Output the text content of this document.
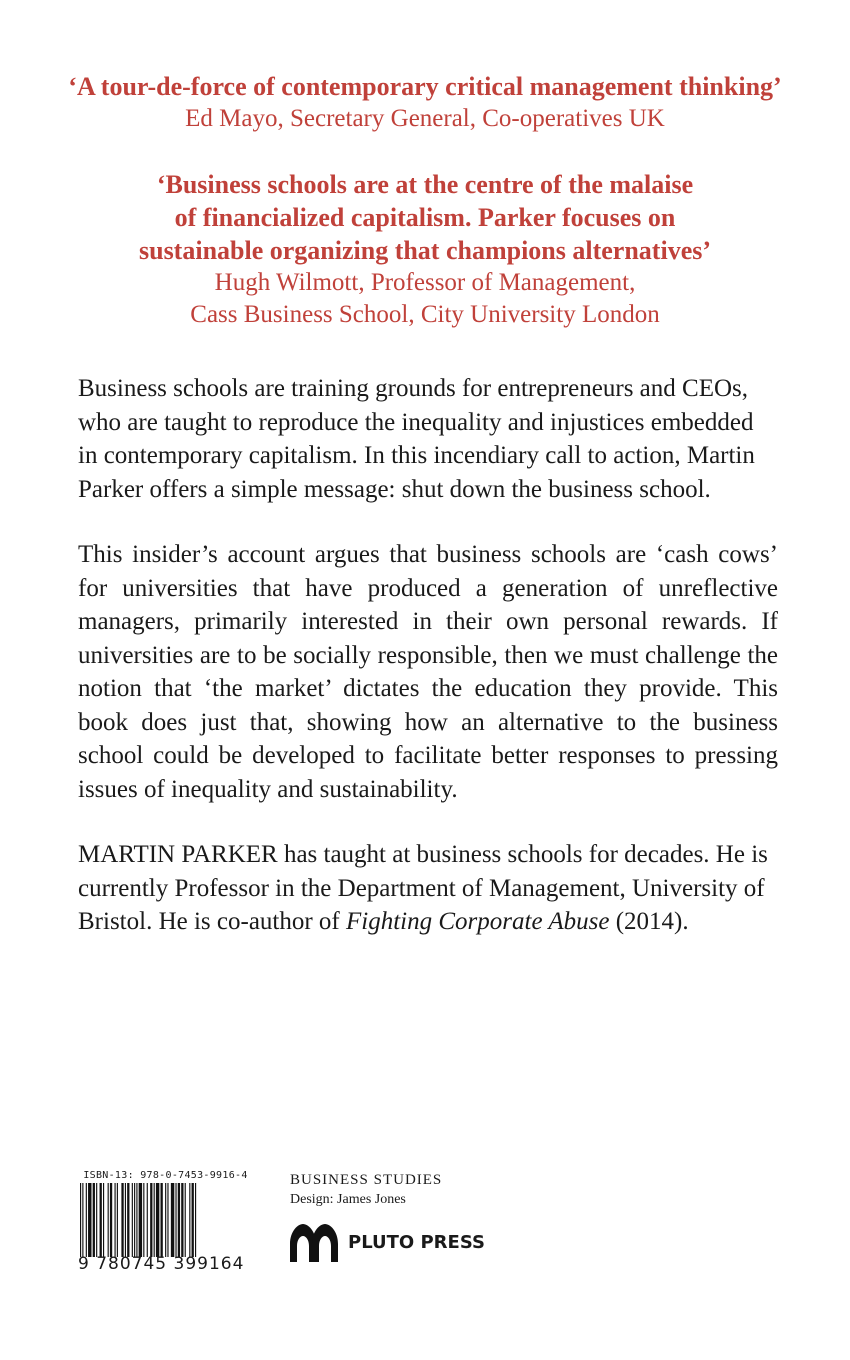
‘A tour-de-force of contemporary critical management thinking’
Ed Mayo, Secretary General, Co-operatives UK
‘Business schools are at the centre of the malaise
of financialized capitalism. Parker focuses on
sustainable organizing that champions alternatives’
Hugh Wilmott, Professor of Management,
Cass Business School, City University London

Business schools are training grounds for entrepreneurs and CEOs, who are taught to reproduce the inequality and injustices embedded in contemporary capitalism. In this incendiary call to action, Martin Parker offers a simple message: shut down the business school.

This insider’s account argues that business schools are ‘cash cows’ for universities that have produced a generation of unreflective managers, primarily interested in their own personal rewards. If universities are to be socially responsible, then we must challenge the notion that ‘the market’ dictates the education they provide. This book does just that, showing how an alternative to the business school could be developed to facilitate better responses to pressing issues of inequality and sustainability.

MARTIN PARKER has taught at business schools for decades. He is currently Professor in the Department of Management, University of Bristol. He is co-author of Fighting Corporate Abuse (2014).

ISBN-13: 978-0-7453-9916-4
9 780745 399164
BUSINESS STUDIES
Design: James Jones
PLUTO PRESS
